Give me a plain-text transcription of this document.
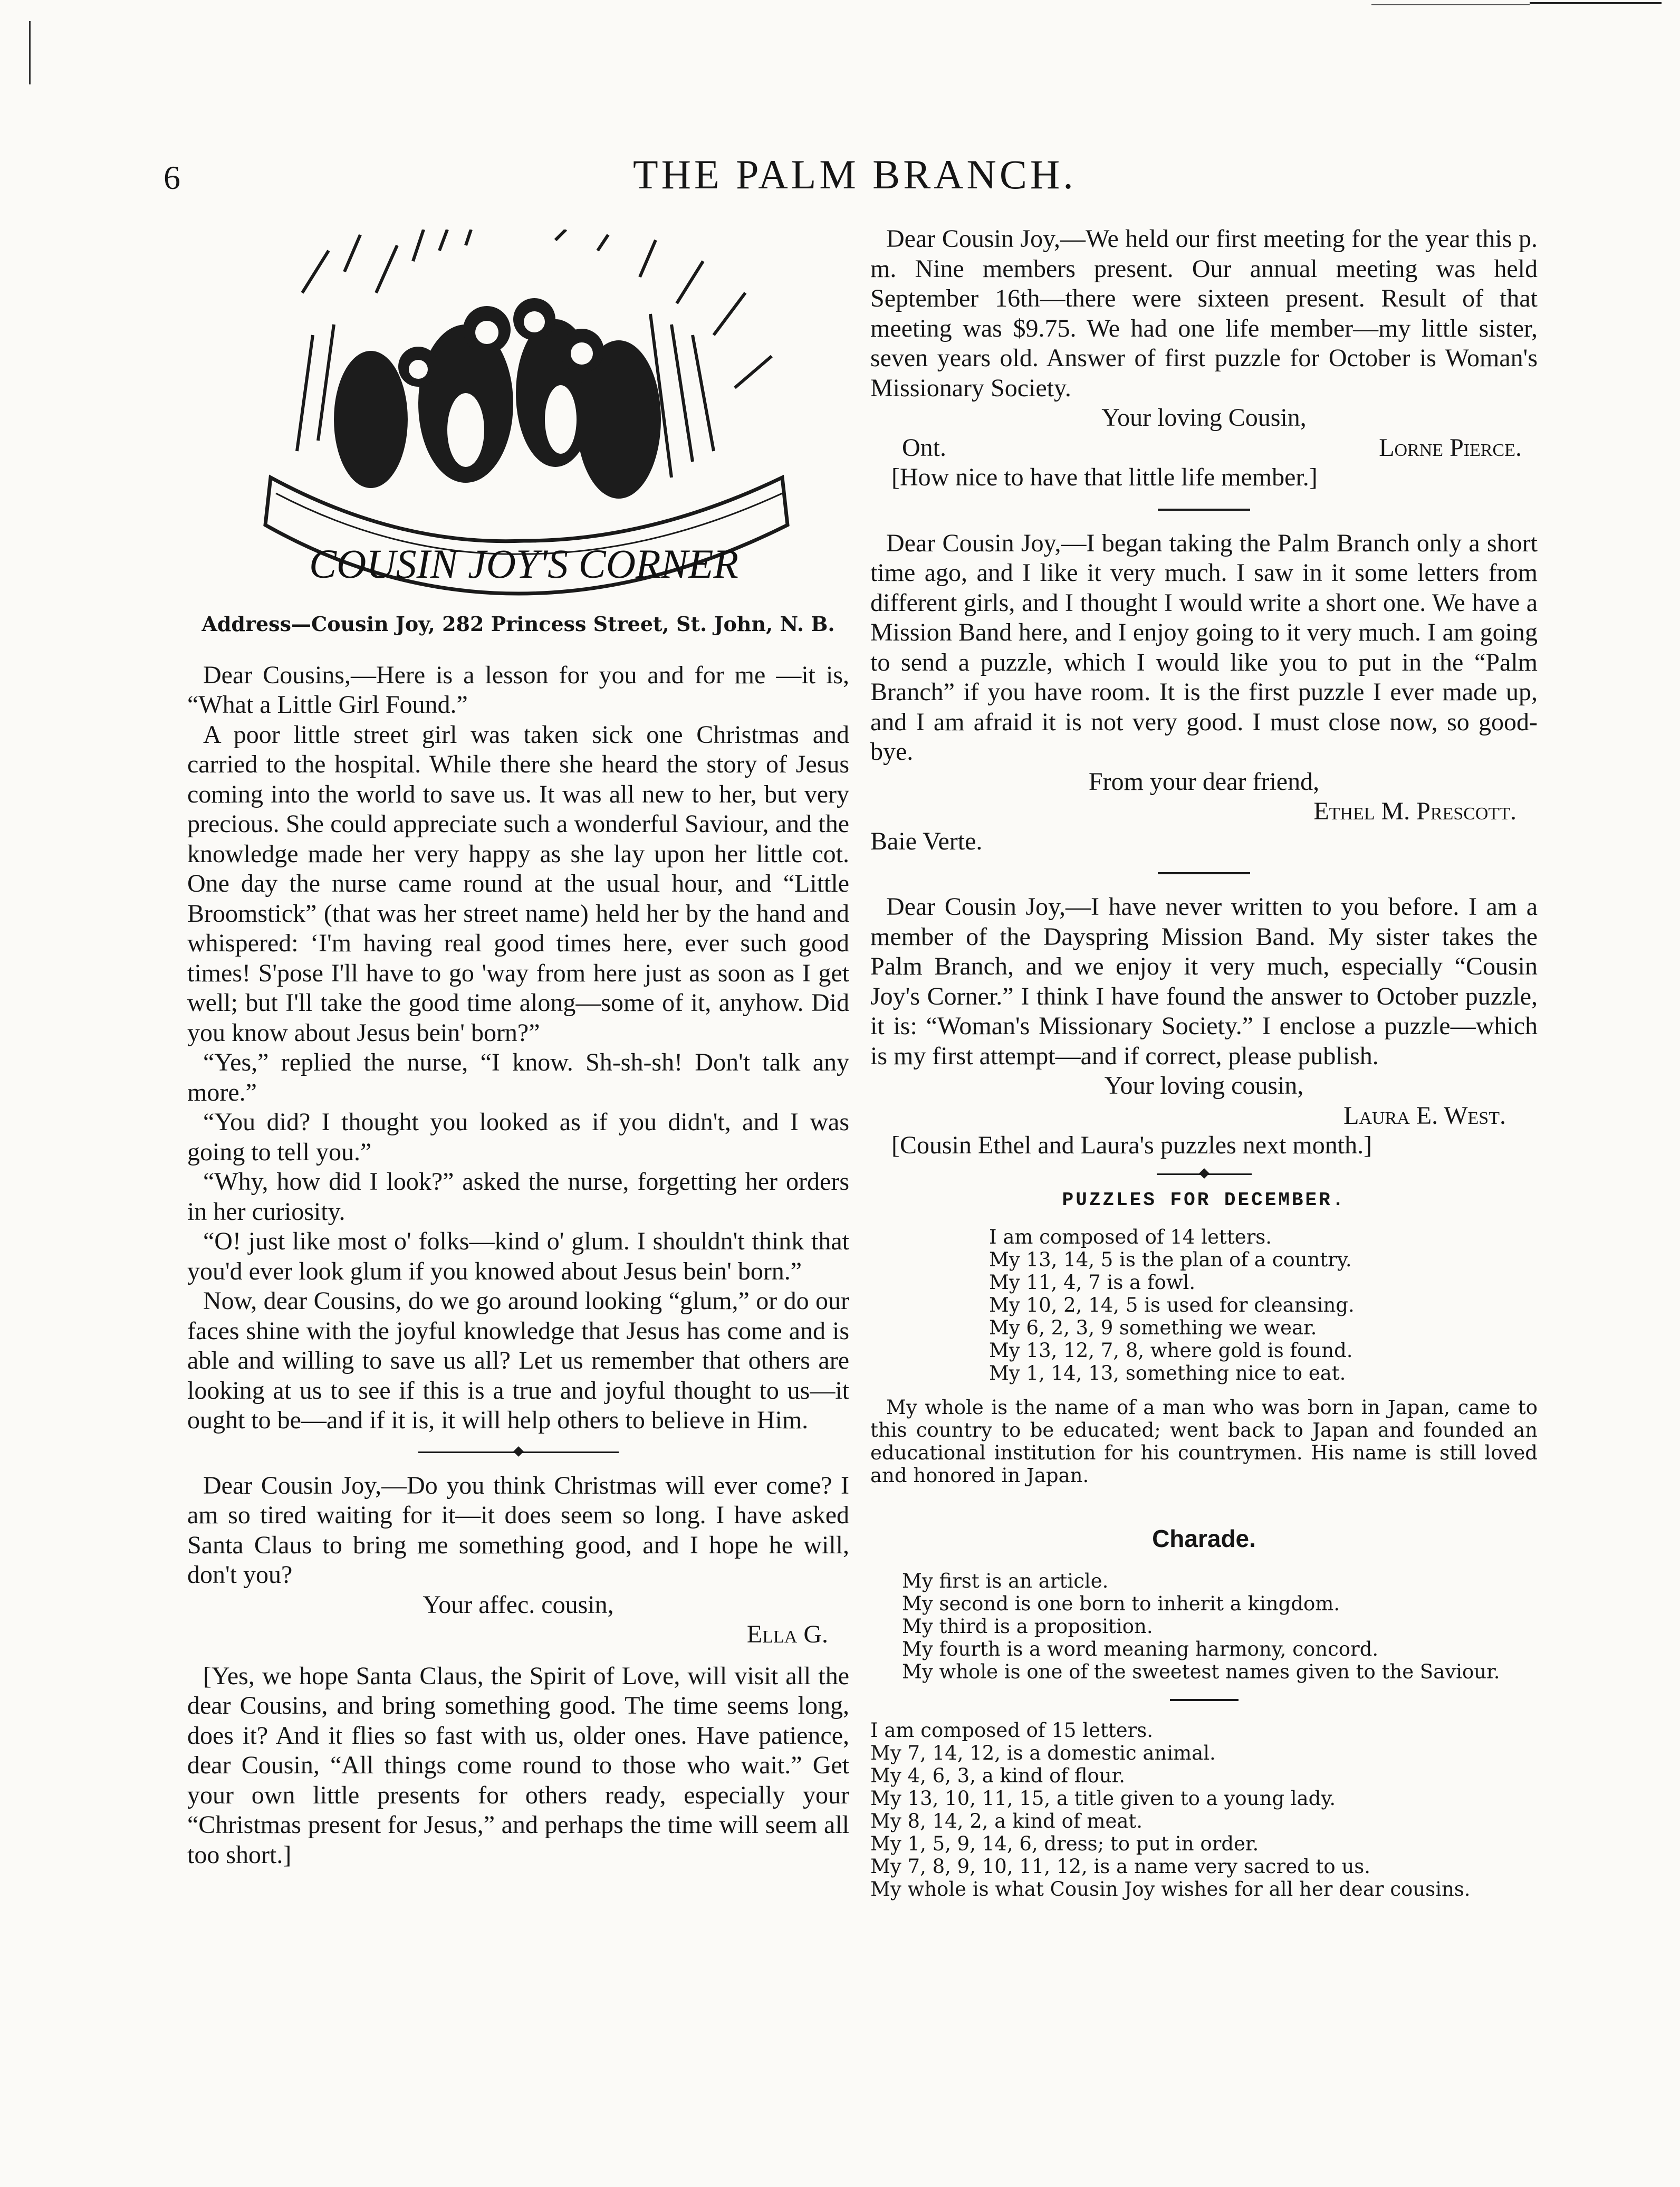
6	THE PALM BRANCH.
COUSIN JOY'S CORNER
Address—Cousin Joy, 282 Princess Street, St. John, N. B.

Dear Cousins,—Here is a lesson for you and for me —it is, “What a Little Girl Found.”

A poor little street girl was taken sick one Christmas and carried to the hospital. While there she heard the story of Jesus coming into the world to save us. It was all new to her, but very precious. She could appreciate such a wonderful Saviour, and the knowledge made her very happy as she lay upon her little cot. One day the nurse came round at the usual hour, and “Little Broomstick” (that was her street name) held her by the hand and whispered: ‘I'm having real good times here, ever such good times! S'pose I'll have to go 'way from here just as soon as I get well; but I'll take the good time along—some of it, anyhow. Did you know about Jesus bein' born?”

“Yes,” replied the nurse, “I know. Sh-sh-sh! Don't talk any more.”

“You did? I thought you looked as if you didn't, and I was going to tell you.”

“Why, how did I look?” asked the nurse, forgetting her orders in her curiosity.

“O! just like most o' folks—kind o' glum. I shouldn't think that you'd ever look glum if you knowed about Jesus bein' born.”

Now, dear Cousins, do we go around looking “glum,” or do our faces shine with the joyful knowledge that Jesus has come and is able and willing to save us all? Let us remember that others are looking at us to see if this is a true and joyful thought to us—it ought to be—and if it is, it will help others to believe in Him.

Dear Cousin Joy,—Do you think Christmas will ever come? I am so tired waiting for it—it does seem so long. I have asked Santa Claus to bring me something good, and I hope he will, don't you?

Your affec. cousin,

Ella G.

[Yes, we hope Santa Claus, the Spirit of Love, will visit all the dear Cousins, and bring something good. The time seems long, does it? And it flies so fast with us, older ones. Have patience, dear Cousin, “All things come round to those who wait.” Get your own little presents for others ready, especially your “Christmas present for Jesus,” and perhaps the time will seem all too short.]

Dear Cousin Joy,—We held our first meeting for the year this p. m. Nine members present. Our annual meeting was held September 16th—there were sixteen present. Result of that meeting was $9.75. We had one life member—my little sister, seven years old. Answer of first puzzle for October is Woman's Missionary Society.

Your loving Cousin,

Ont.	Lorne Pierce.

[How nice to have that little life member.]

Dear Cousin Joy,—I began taking the Palm Branch only a short time ago, and I like it very much. I saw in it some letters from different girls, and I thought I would write a short one. We have a Mission Band here, and I enjoy going to it very much. I am going to send a puzzle, which I would like you to put in the “Palm Branch” if you have room. It is the first puzzle I ever made up, and I am afraid it is not very good. I must close now, so good-bye.

From your dear friend,

Ethel M. Prescott.

Baie Verte.

Dear Cousin Joy,—I have never written to you before. I am a member of the Dayspring Mission Band. My sister takes the Palm Branch, and we enjoy it very much, especially “Cousin Joy's Corner.” I think I have found the answer to October puzzle, it is: “Woman's Missionary Society.” I enclose a puzzle—which is my first attempt—and if correct, please publish.

Your loving cousin,

Laura E. West.

[Cousin Ethel and Laura's puzzles next month.]

PUZZLES FOR DECEMBER.
I am composed of 14 letters.
My 13, 14, 5 is the plan of a country.
My 11, 4, 7 is a fowl.
My 10, 2, 14, 5 is used for cleansing.
My 6, 2, 3, 9 something we wear.
My 13, 12, 7, 8, where gold is found.
My 1, 14, 13, something nice to eat.

My whole is the name of a man who was born in Japan, came to this country to be educated; went back to Japan and founded an educational institution for his countrymen. His name is still loved and honored in Japan.

Charade.
My first is an article.
My second is one born to inherit a kingdom.
My third is a proposition.
My fourth is a word meaning harmony, concord.
My whole is one of the sweetest names given to the Saviour.
I am composed of 15 letters.
My 7, 14, 12, is a domestic animal.
My 4, 6, 3, a kind of flour.
My 13, 10, 11, 15, a title given to a young lady.
My 8, 14, 2, a kind of meat.
My 1, 5, 9, 14, 6, dress; to put in order.
My 7, 8, 9, 10, 11, 12, is a name very sacred to us.
My whole is what Cousin Joy wishes for all her dear cousins.
